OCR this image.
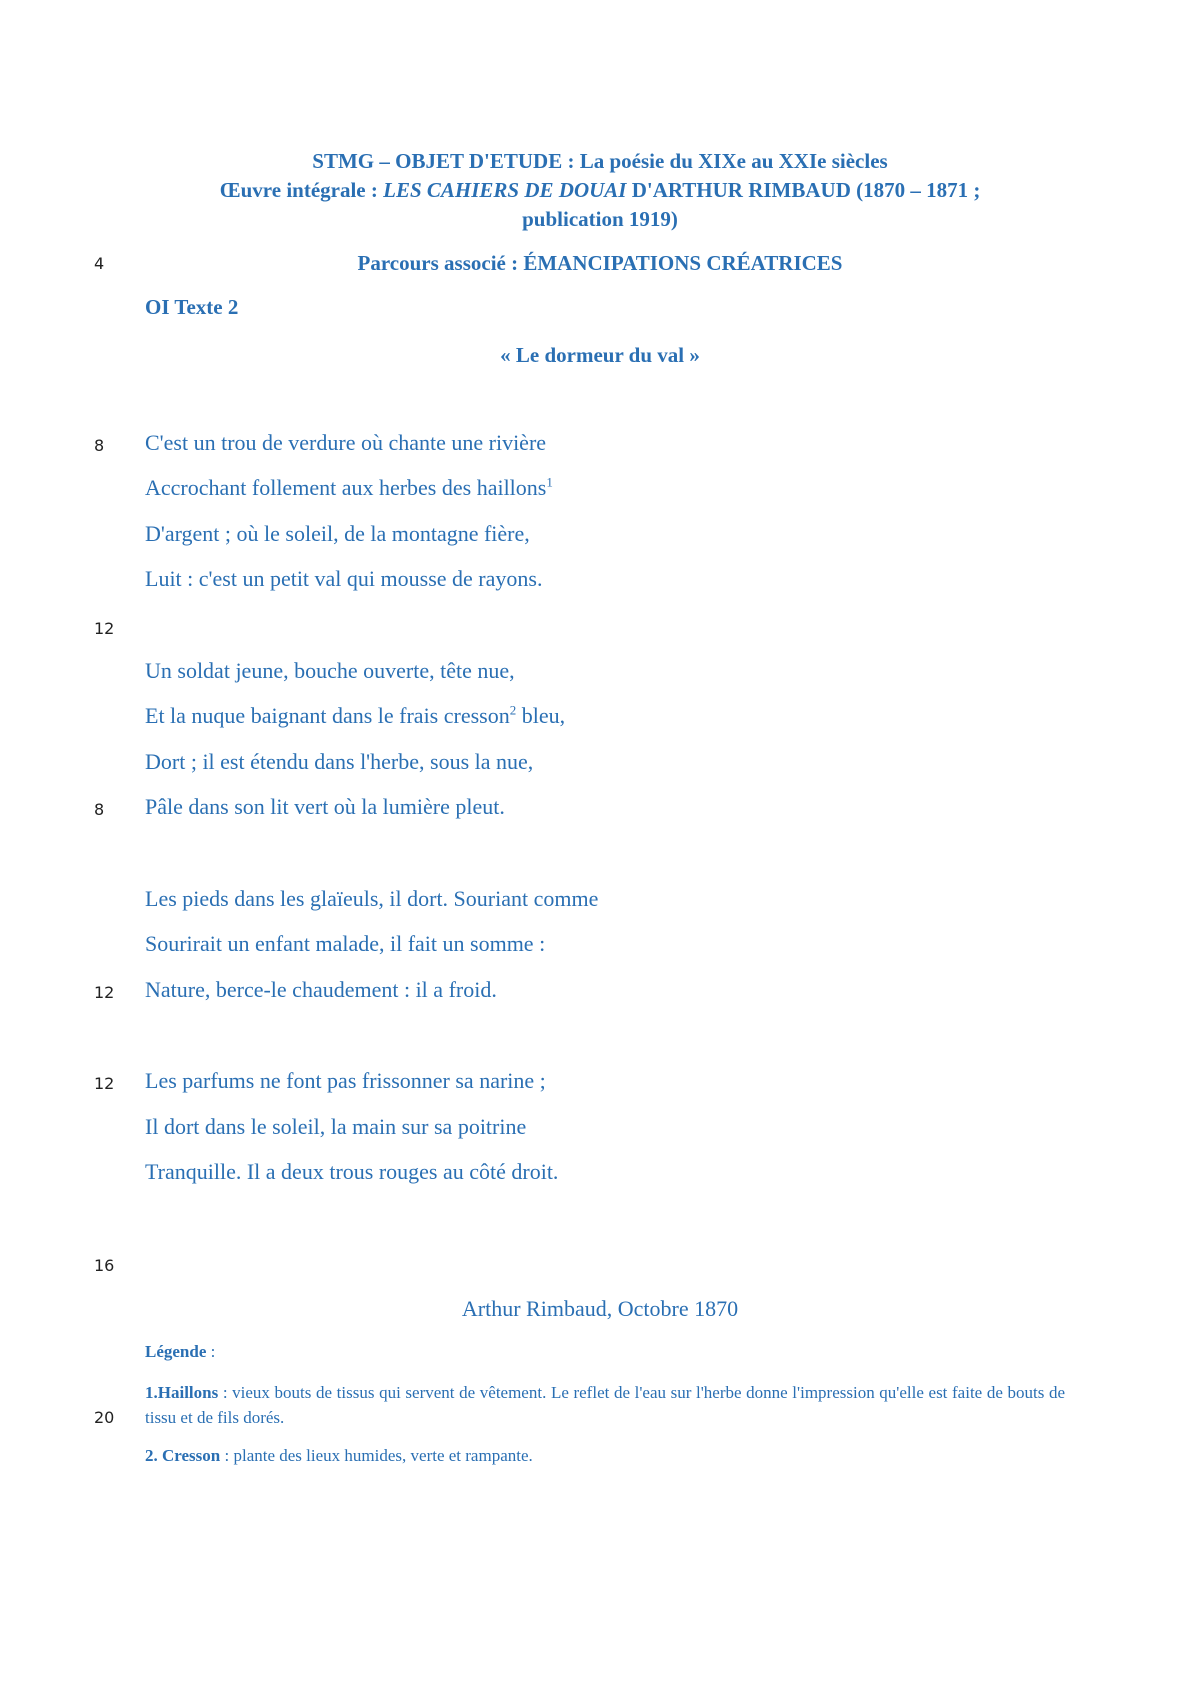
STMG – OBJET D'ETUDE : La poésie du XIXe au XXIe siècles
Œuvre intégrale : LES CAHIERS DE DOUAI D'ARTHUR RIMBAUD (1870 – 1871 ;
publication 1919)
4	Parcours associé : ÉMANCIPATIONS CRÉATRICES
OI Texte 2
« Le dormeur du val »
8 C'est un trou de verdure où chante une rivière
Accrochant follement aux herbes des haillons$^1$
D'argent ; où le soleil, de la montagne fière,
Luit : c'est un petit val qui mousse de rayons.
12
Un soldat jeune, bouche ouverte, tête nue,
Et la nuque baignant dans le frais cresson$^2$ bleu,
Dort ; il est étendu dans l'herbe, sous la nue,
8 Pâle dans son lit vert où la lumière pleut.
Les pieds dans les glaïeuls, il dort. Souriant comme
Sourirait un enfant malade, il fait un somme :
12 Nature, berce-le chaudement : il a froid.
12 Les parfums ne font pas frissonner sa narine ;
Il dort dans le soleil, la main sur sa poitrine
Tranquille. Il a deux trous rouges au côté droit.
16
Arthur Rimbaud, Octobre 1870
Légende :
20
1.Haillons : vieux bouts de tissus qui servent de vêtement. Le reflet de l'eau sur l'herbe donne l'impression qu'elle est faite de bouts de tissu et de fils dorés.
2. Cresson : plante des lieux humides, verte et rampante.
